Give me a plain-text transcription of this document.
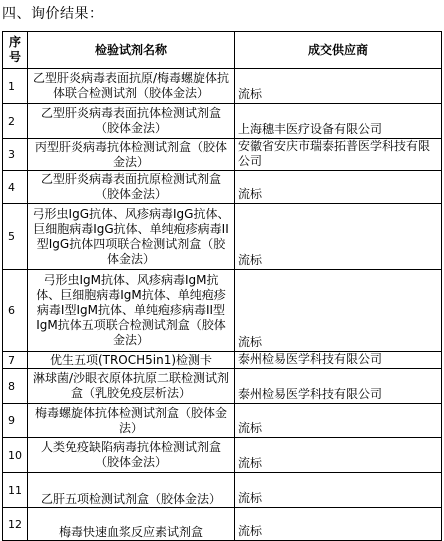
四、询价结果：
序号	检验试剂名称	成交供应商
1	乙型肝炎病毒表面抗原/梅毒螺旋体抗体联合检测试剂（胶体金法）	流标
2	乙型肝炎病毒表面抗体检测试剂盒（胶体金法）	上海穗丰医疗设备有限公司
3	丙型肝炎病毒抗体检测试剂盒（胶体金法）	安徽省安庆市瑞泰拓普医学科技有限公司
4	乙型肝炎病毒表面抗原检测试剂盒（胶体金法）	流标
5	弓形虫IgG抗体、风疹病毒IgG抗体、巨细胞病毒IgG抗体、单纯疱疹病毒II型IgG抗体四项联合检测试剂盒（胶体金法）	流标
6	弓形虫IgM抗体、风疹病毒IgM抗体、巨细胞病毒IgM抗体、单纯疱疹病毒I型IgM抗体、单纯疱疹病毒II型IgM抗体五项联合检测试剂盒（胶体金法）	流标
7	优生五项(TROCH5in1)检测卡	泰州检易医学科技有限公司
8	淋球菌/沙眼衣原体抗原二联检测试剂盒（乳胶免疫层析法）	泰州检易医学科技有限公司
9	梅毒螺旋体抗体检测试剂盒（胶体金法）	流标
10	人类免疫缺陷病毒抗体检测试剂盒（胶体金法）	流标
11	乙肝五项检测试剂盒（胶体金法）	流标
12	梅毒快速血浆反应素试剂盒	流标
